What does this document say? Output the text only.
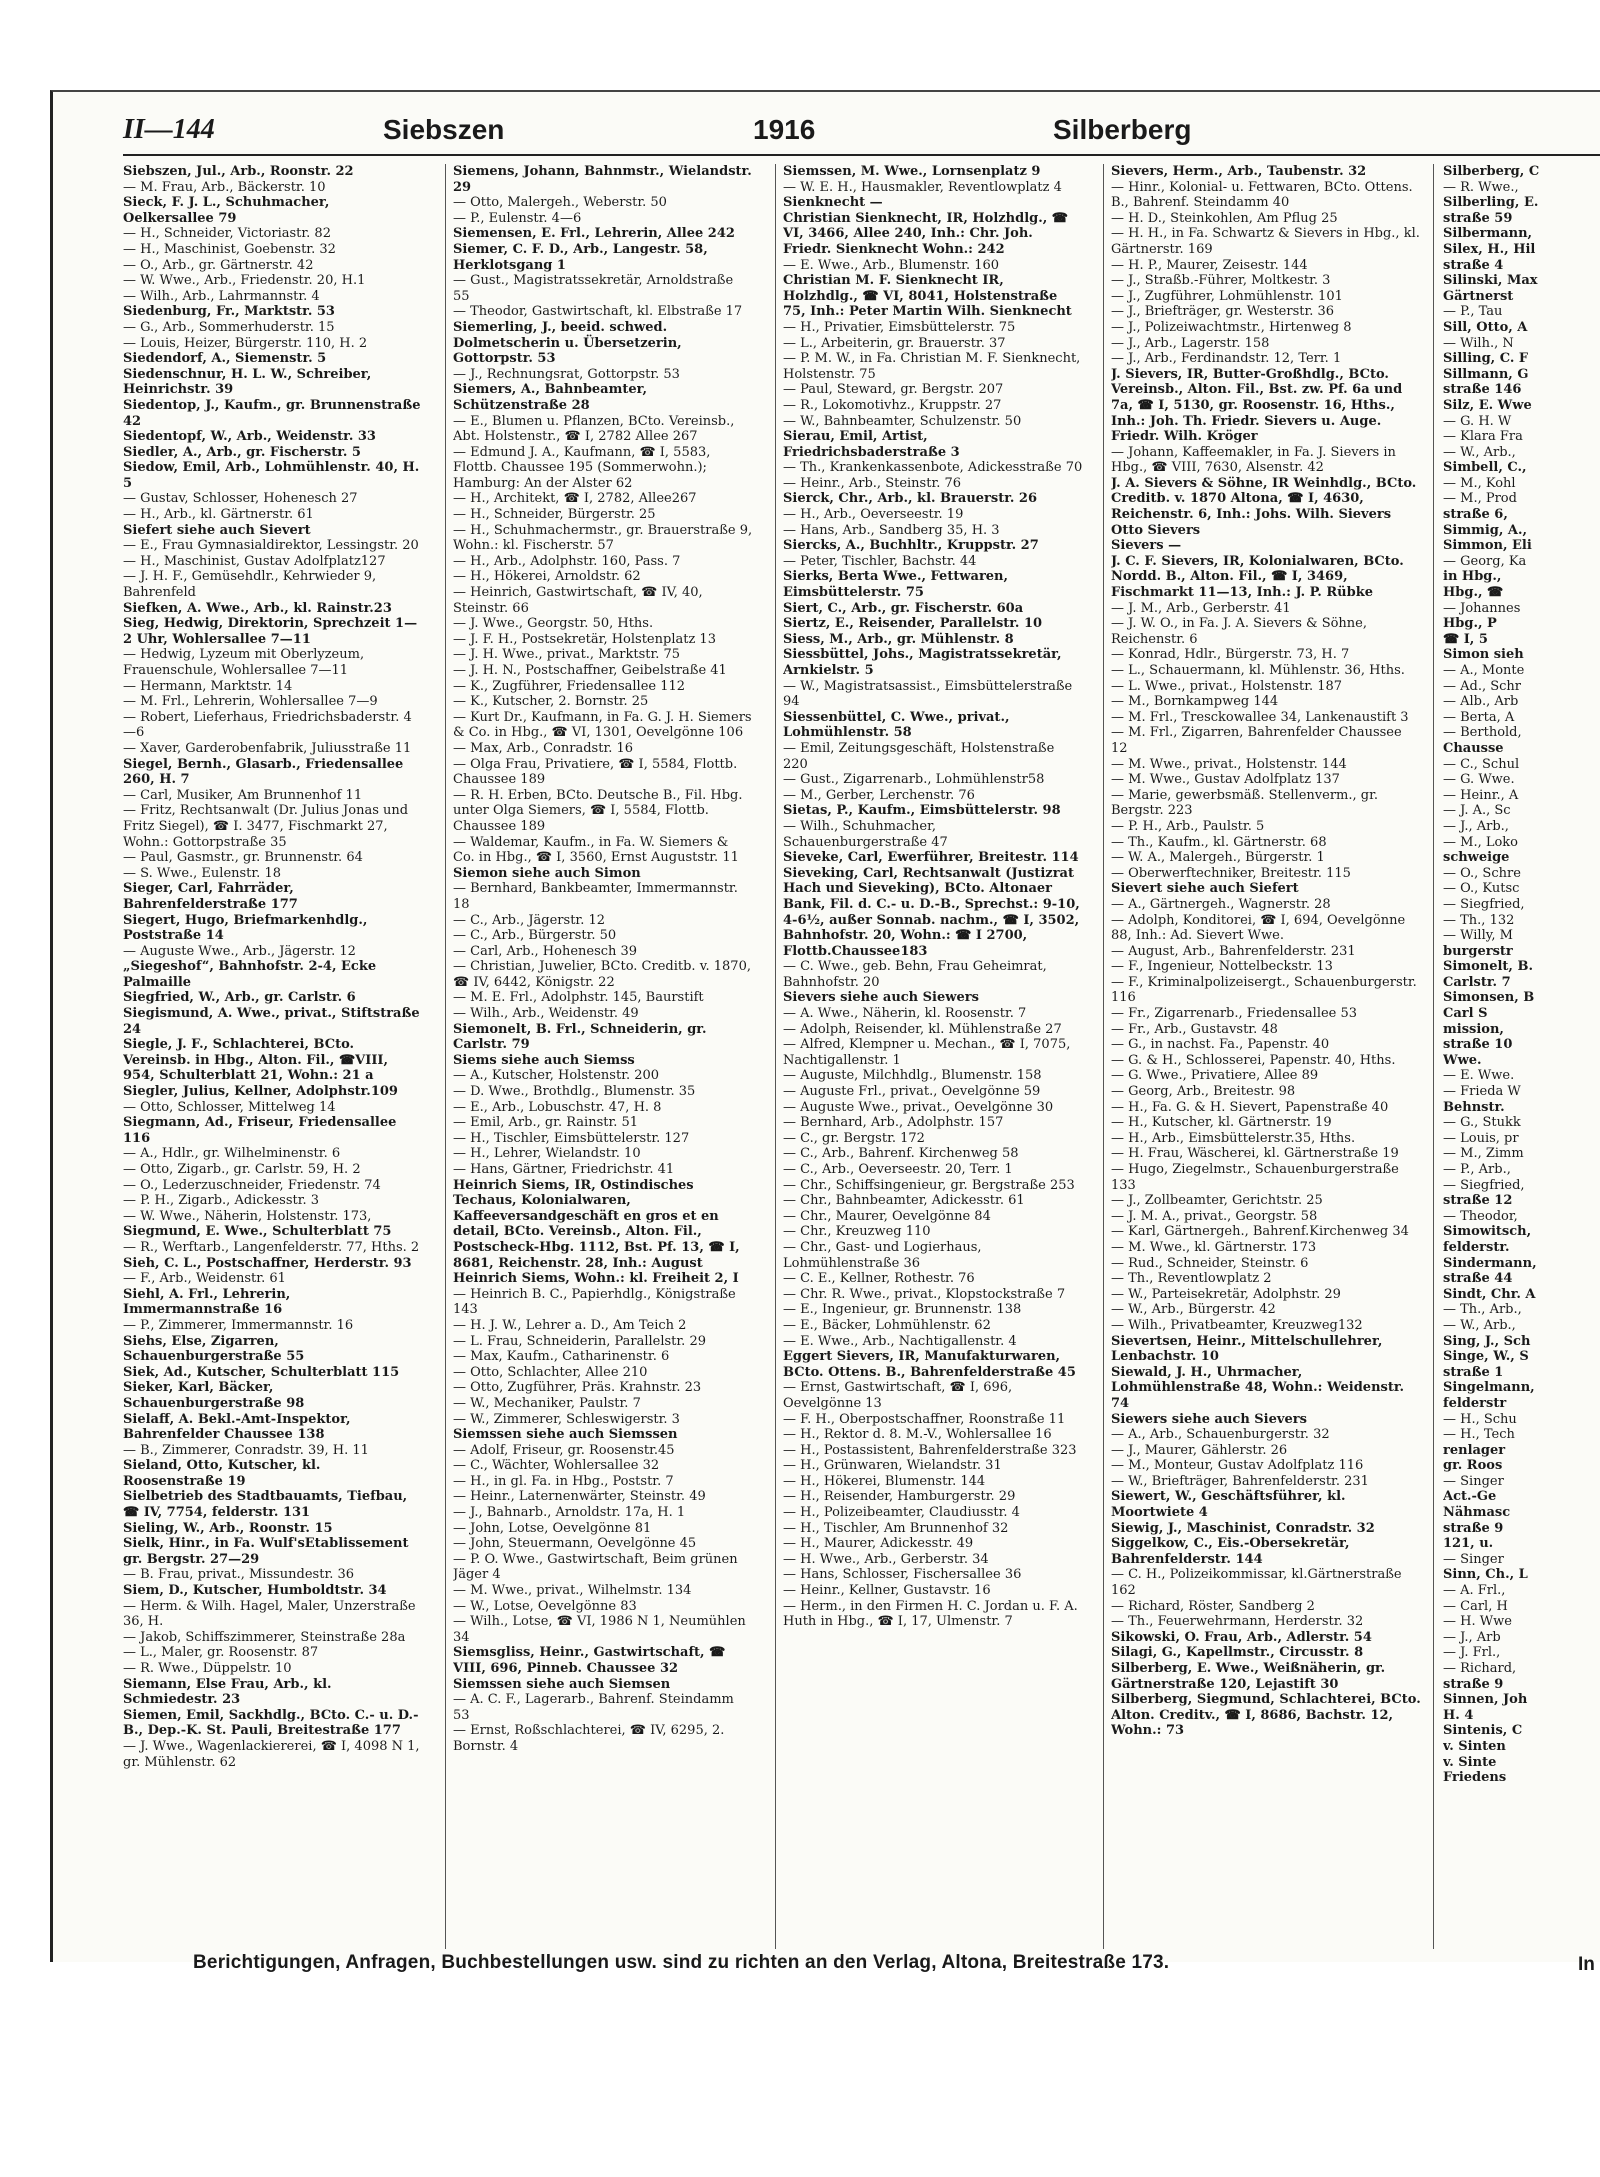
II—144	Siebszen	1916	Silberberg
Siebszen, Jul., Arb., Roonstr. 22
— M. Frau, Arb., Bäckerstr. 10
Sieck, F. J. L., Schuhmacher, Oelkersallee 79
— H., Schneider, Victoriastr. 82
— H., Maschinist, Goebenstr. 32
— O., Arb., gr. Gärtnerstr. 42
— W. Wwe., Arb., Friedenstr. 20, H.1
— Wilh., Arb., Lahrmannstr. 4
Siedenburg, Fr., Marktstr. 53
— G., Arb., Sommerhuderstr. 15
— Louis, Heizer, Bürgerstr. 110, H. 2
Siedendorf, A., Siemenstr. 5
Siedenschnur, H. L. W., Schreiber, Heinrichstr. 39
Siedentop, J., Kaufm., gr. Brunnenstraße 42
Siedentopf, W., Arb., Weidenstr. 33
Siedler, A., Arb., gr. Fischerstr. 5
Siedow, Emil, Arb., Lohmühlenstr. 40, H. 5
— Gustav, Schlosser, Hohenesch 27
— H., Arb., kl. Gärtnerstr. 61
Siefert siehe auch Sievert
— E., Frau Gymnasialdirektor, Lessingstr. 20
— H., Maschinist, Gustav Adolfplatz127
— J. H. F., Gemüsehdlr., Kehrwieder 9, Bahrenfeld
Siefken, A. Wwe., Arb., kl. Rainstr.23
Sieg, Hedwig, Direktorin, Sprechzeit 1—2 Uhr, Wohlersallee 7—11
— Hedwig, Lyzeum mit Oberlyzeum, Frauenschule, Wohlersallee 7—11
— Hermann, Marktstr. 14
— M. Frl., Lehrerin, Wohlersallee 7—9
— Robert, Lieferhaus, Friedrichsbaderstr. 4—6
— Xaver, Garderobenfabrik, Juliusstraße 11
Siegel, Bernh., Glasarb., Friedensallee 260, H. 7
— Carl, Musiker, Am Brunnenhof 11
— Fritz, Rechtsanwalt (Dr. Julius Jonas und Fritz Siegel), ☎ I. 3477, Fischmarkt 27, Wohn.: Gottorpstraße 35
— Paul, Gasmstr., gr. Brunnenstr. 64
— S. Wwe., Eulenstr. 18
Sieger, Carl, Fahrräder, Bahrenfelderstraße 177
Siegert, Hugo, Briefmarkenhdlg., Poststraße 14
— Auguste Wwe., Arb., Jägerstr. 12
„Siegeshof“, Bahnhofstr. 2-4, Ecke Palmaille
Siegfried, W., Arb., gr. Carlstr. 6
Siegismund, A. Wwe., privat., Stiftstraße 24
Siegle, J. F., Schlachterei, BCto. Vereinsb. in Hbg., Alton. Fil., ☎VIII, 954, Schulterblatt 21, Wohn.: 21 a
Siegler, Julius, Kellner, Adolphstr.109
— Otto, Schlosser, Mittelweg 14
Siegmann, Ad., Friseur, Friedensallee 116
— A., Hdlr., gr. Wilhelminenstr. 6
— Otto, Zigarb., gr. Carlstr. 59, H. 2
— O., Lederzuschneider, Friedenstr. 74
— P. H., Zigarb., Adickesstr. 3
— W. Wwe., Näherin, Holstenstr. 173,
Siegmund, E. Wwe., Schulterblatt 75
— R., Werftarb., Langenfelderstr. 77, Hths. 2
Sieh, C. L., Postschaffner, Herderstr. 93
— F., Arb., Weidenstr. 61
Siehl, A. Frl., Lehrerin, Immermannstraße 16
— P., Zimmerer, Immermannstr. 16
Siehs, Else, Zigarren, Schauenburgerstraße 55
Siek, Ad., Kutscher, Schulterblatt 115
Sieker, Karl, Bäcker, Schauenburgerstraße 98
Sielaff, A. Bekl.-Amt-Inspektor, Bahrenfelder Chaussee 138
— B., Zimmerer, Conradstr. 39, H. 11
Sieland, Otto, Kutscher, kl. Roosenstraße 19
Sielbetrieb des Stadtbauamts, Tiefbau, ☎ IV, 7754, felderstr. 131
Sieling, W., Arb., Roonstr. 15
Sielk, Hinr., in Fa. Wulf'sEtablissement gr. Bergstr. 27—29
— B. Frau, privat., Missundestr. 36
Siem, D., Kutscher, Humboldtstr. 34
— Herm. & Wilh. Hagel, Maler, Unzerstraße 36, H.
— Jakob, Schiffszimmerer, Steinstraße 28a
— L., Maler, gr. Roosenstr. 87
— R. Wwe., Düppelstr. 10
Siemann, Else Frau, Arb., kl. Schmiedestr. 23
Siemen, Emil, Sackhdlg., BCto. C.- u. D.-B., Dep.-K. St. Pauli, Breitestraße 177
— J. Wwe., Wagenlackiererei, ☎ I, 4098 N 1, gr. Mühlenstr. 62
Siemens, Johann, Bahnmstr., Wielandstr. 29
— Otto, Malergeh., Weberstr. 50
— P., Eulenstr. 4—6
Siemensen, E. Frl., Lehrerin, Allee 242
Siemer, C. F. D., Arb., Langestr. 58, Herklotsgang 1
— Gust., Magistratssekretär, Arnoldstraße 55
— Theodor, Gastwirtschaft, kl. Elbstraße 17
Siemerling, J., beeid. schwed. Dolmetscherin u. Übersetzerin, Gottorpstr. 53
— J., Rechnungsrat, Gottorpstr. 53
Siemers, A., Bahnbeamter, Schützenstraße 28
— E., Blumen u. Pflanzen, BCto. Vereinsb., Abt. Holstenstr., ☎ I, 2782 Allee 267
— Edmund J. A., Kaufmann, ☎ I, 5583, Flottb. Chaussee 195 (Sommerwohn.); Hamburg: An der Alster 62
— H., Architekt, ☎ I, 2782, Allee267
— H., Schneider, Bürgerstr. 25
— H., Schuhmachermstr., gr. Brauerstraße 9, Wohn.: kl. Fischerstr. 57
— H., Arb., Adolphstr. 160, Pass. 7
— H., Hökerei, Arnoldstr. 62
— Heinrich, Gastwirtschaft, ☎ IV, 40, Steinstr. 66
— J. Wwe., Georgstr. 50, Hths.
— J. F. H., Postsekretär, Holstenplatz 13
— J. H. Wwe., privat., Marktstr. 75
— J. H. N., Postschaffner, Geibelstraße 41
— K., Zugführer, Friedensallee 112
— K., Kutscher, 2. Bornstr. 25
— Kurt Dr., Kaufmann, in Fa. G. J. H. Siemers & Co. in Hbg., ☎ VI, 1301, Oevelgönne 106
— Max, Arb., Conradstr. 16
— Olga Frau, Privatiere, ☎ I, 5584, Flottb. Chaussee 189
— R. H. Erben, BCto. Deutsche B., Fil. Hbg. unter Olga Siemers, ☎ I, 5584, Flottb. Chaussee 189
— Waldemar, Kaufm., in Fa. W. Siemers & Co. in Hbg., ☎ I, 3560, Ernst Auguststr. 11
Siemon siehe auch Simon
— Bernhard, Bankbeamter, Immermannstr. 18
— C., Arb., Jägerstr. 12
— C., Arb., Bürgerstr. 50
— Carl, Arb., Hohenesch 39
— Christian, Juwelier, BCto. Creditb. v. 1870, ☎ IV, 6442, Königstr. 22
— M. E. Frl., Adolphstr. 145, Baurstift
— Wilh., Arb., Weidenstr. 49
Siemonelt, B. Frl., Schneiderin, gr. Carlstr. 79
Siems siehe auch Siemss
— A., Kutscher, Holstenstr. 200
— D. Wwe., Brothdlg., Blumenstr. 35
— E., Arb., Lobuschstr. 47, H. 8
— Emil, Arb., gr. Rainstr. 51
— H., Tischler, Eimsbüttelerstr. 127
— H., Lehrer, Wielandstr. 10
— Hans, Gärtner, Friedrichstr. 41
Heinrich Siems, IR, Ostindisches Techaus, Kolonialwaren, Kaffeeversandgeschäft en gros et en detail, BCto. Vereinsb., Alton. Fil., Postscheck-Hbg. 1112, Bst. Pf. 13, ☎ I, 8681, Reichenstr. 28, Inh.: August Heinrich Siems, Wohn.: kl. Freiheit 2, I
— Heinrich B. C., Papierhdlg., Königstraße 143
— H. J. W., Lehrer a. D., Am Teich 2
— L. Frau, Schneiderin, Parallelstr. 29
— Max, Kaufm., Catharinenstr. 6
— Otto, Schlachter, Allee 210
— Otto, Zugführer, Präs. Krahnstr. 23
— W., Mechaniker, Paulstr. 7
— W., Zimmerer, Schleswigerstr. 3
Siemssen siehe auch Siemssen
— Adolf, Friseur, gr. Roosenstr.45
— C., Wächter, Wohlersallee 32
— H., in gl. Fa. in Hbg., Poststr. 7
— Heinr., Laternenwärter, Steinstr. 49
— J., Bahnarb., Arnoldstr. 17a, H. 1
— John, Lotse, Oevelgönne 81
— John, Steuermann, Oevelgönne 45
— P. O. Wwe., Gastwirtschaft, Beim grünen Jäger 4
— M. Wwe., privat., Wilhelmstr. 134
— W., Lotse, Oevelgönne 83
— Wilh., Lotse, ☎ VI, 1986 N 1, Neumühlen 34
Siemsgliss, Heinr., Gastwirtschaft, ☎ VIII, 696, Pinneb. Chaussee 32
Siemssen siehe auch Siemsen
— A. C. F., Lagerarb., Bahrenf. Steindamm 53
— Ernst, Roßschlachterei, ☎ IV, 6295, 2. Bornstr. 4
Siemssen, M. Wwe., Lornsenplatz 9
— W. E. H., Hausmakler, Reventlowplatz 4
Sienknecht —
Christian Sienknecht, IR, Holzhdlg., ☎ VI, 3466, Allee 240, Inh.: Chr. Joh. Friedr. Sienknecht Wohn.: 242
— E. Wwe., Arb., Blumenstr. 160
Christian M. F. Sienknecht IR, Holzhdlg., ☎ VI, 8041, Holstenstraße 75, Inh.: Peter Martin Wilh. Sienknecht
— H., Privatier, Eimsbüttelerstr. 75
— L., Arbeiterin, gr. Brauerstr. 37
— P. M. W., in Fa. Christian M. F. Sienknecht, Holstenstr. 75
— Paul, Steward, gr. Bergstr. 207
— R., Lokomotivhz., Kruppstr. 27
— W., Bahnbeamter, Schulzenstr. 50
Sierau, Emil, Artist, Friedrichsbaderstraße 3
— Th., Krankenkassenbote, Adickesstraße 70
— Heinr., Arb., Steinstr. 76
Sierck, Chr., Arb., kl. Brauerstr. 26
— H., Arb., Oeverseestr. 19
— Hans, Arb., Sandberg 35, H. 3
Siercks, A., Buchhltr., Kruppstr. 27
— Peter, Tischler, Bachstr. 44
Sierks, Berta Wwe., Fettwaren, Eimsbüttelerstr. 75
Siert, C., Arb., gr. Fischerstr. 60a
Siertz, E., Reisender, Parallelstr. 10
Siess, M., Arb., gr. Mühlenstr. 8
Siessbüttel, Johs., Magistratssekretär, Arnkielstr. 5
— W., Magistratsassist., Eimsbüttelerstraße 94
Siessenbüttel, C. Wwe., privat., Lohmühlenstr. 58
— Emil, Zeitungsgeschäft, Holstenstraße 220
— Gust., Zigarrenarb., Lohmühlenstr58
— M., Gerber, Lerchenstr. 76
Sietas, P., Kaufm., Eimsbüttelerstr. 98
— Wilh., Schuhmacher, Schauenburgerstraße 47
Sieveke, Carl, Ewerführer, Breitestr. 114
Sieveking, Carl, Rechtsanwalt (Justizrat Hach und Sieveking), BCto. Altonaer Bank, Fil. d. C.- u. D.-B., Sprechst.: 9-10, 4-6½, außer Sonnab. nachm., ☎ I, 3502, Bahnhofstr. 20, Wohn.: ☎ I 2700, Flottb.Chaussee183
— C. Wwe., geb. Behn, Frau Geheimrat, Bahnhofstr. 20
Sievers siehe auch Siewers
— A. Wwe., Näherin, kl. Roosenstr. 7
— Adolph, Reisender, kl. Mühlenstraße 27
— Alfred, Klempner u. Mechan., ☎ I, 7075, Nachtigallenstr. 1
— Auguste, Milchhdlg., Blumenstr. 158
— Auguste Frl., privat., Oevelgönne 59
— Auguste Wwe., privat., Oevelgönne 30
— Bernhard, Arb., Adolphstr. 157
— C., gr. Bergstr. 172
— C., Arb., Bahrenf. Kirchenweg 58
— C., Arb., Oeverseestr. 20, Terr. 1
— Chr., Schiffsingenieur, gr. Bergstraße 253
— Chr., Bahnbeamter, Adickesstr. 61
— Chr., Maurer, Oevelgönne 84
— Chr., Kreuzweg 110
— Chr., Gast- und Logierhaus, Lohmühlenstraße 36
— C. E., Kellner, Rothestr. 76
— Chr. R. Wwe., privat., Klopstockstraße 7
— E., Ingenieur, gr. Brunnenstr. 138
— E., Bäcker, Lohmühlenstr. 62
— E. Wwe., Arb., Nachtigallenstr. 4
Eggert Sievers, IR, Manufakturwaren, BCto. Ottens. B., Bahrenfelderstraße 45
— Ernst, Gastwirtschaft, ☎ I, 696, Oevelgönne 13
— F. H., Oberpostschaffner, Roonstraße 11
— H., Rektor d. 8. M.-V., Wohlersallee 16
— H., Postassistent, Bahrenfelderstraße 323
— H., Grünwaren, Wielandstr. 31
— H., Hökerei, Blumenstr. 144
— H., Reisender, Hamburgerstr. 29
— H., Polizeibeamter, Claudiusstr. 4
— H., Tischler, Am Brunnenhof 32
— H., Maurer, Adickesstr. 49
— H. Wwe., Arb., Gerberstr. 34
— Hans, Schlosser, Fischersallee 36
— Heinr., Kellner, Gustavstr. 16
— Herm., in den Firmen H. C. Jordan u. F. A. Huth in Hbg., ☎ I, 17, Ulmenstr. 7
Sievers, Herm., Arb., Taubenstr. 32
— Hinr., Kolonial- u. Fettwaren, BCto. Ottens. B., Bahrenf. Steindamm 40
— H. D., Steinkohlen, Am Pflug 25
— H. H., in Fa. Schwartz & Sievers in Hbg., kl. Gärtnerstr. 169
— H. P., Maurer, Zeisestr. 144
— J., Straßb.-Führer, Moltkestr. 3
— J., Zugführer, Lohmühlenstr. 101
— J., Briefträger, gr. Westerstr. 36
— J., Polizeiwachtmstr., Hirtenweg 8
— J., Arb., Lagerstr. 158
— J., Arb., Ferdinandstr. 12, Terr. 1
J. Sievers, IR, Butter-Großhdlg., BCto. Vereinsb., Alton. Fil., Bst. zw. Pf. 6a und 7a, ☎ I, 5130, gr. Roosenstr. 16, Hths., Inh.: Joh. Th. Friedr. Sievers u. Auge. Friedr. Wilh. Kröger
— Johann, Kaffeemakler, in Fa. J. Sievers in Hbg., ☎ VIII, 7630, Alsenstr. 42
J. A. Sievers & Söhne, IR Weinhdlg., BCto. Creditb. v. 1870 Altona, ☎ I, 4630, Reichenstr. 6, Inh.: Johs. Wilh. Sievers Otto Sievers
Sievers —
J. C. F. Sievers, IR, Kolonialwaren, BCto. Nordd. B., Alton. Fil., ☎ I, 3469, Fischmarkt 11—13, Inh.: J. P. Rübke
— J. M., Arb., Gerberstr. 41
— J. W. O., in Fa. J. A. Sievers & Söhne, Reichenstr. 6
— Konrad, Hdlr., Bürgerstr. 73, H. 7
— L., Schauermann, kl. Mühlenstr. 36, Hths.
— L. Wwe., privat., Holstenstr. 187
— M., Bornkampweg 144
— M. Frl., Tresckowallee 34, Lankenaustift 3
— M. Frl., Zigarren, Bahrenfelder Chaussee 12
— M. Wwe., privat., Holstenstr. 144
— M. Wwe., Gustav Adolfplatz 137
— Marie, gewerbsmäß. Stellenverm., gr. Bergstr. 223
— P. H., Arb., Paulstr. 5
— Th., Kaufm., kl. Gärtnerstr. 68
— W. A., Malergeh., Bürgerstr. 1
— Oberwerftechniker, Breitestr. 115
Sievert siehe auch Siefert
— A., Gärtnergeh., Wagnerstr. 28
— Adolph, Konditorei, ☎ I, 694, Oevelgönne 88, Inh.: Ad. Sievert Wwe.
— August, Arb., Bahrenfelderstr. 231
— F., Ingenieur, Nottelbeckstr. 13
— F., Kriminalpolizeisergt., Schauenburgerstr. 116
— Fr., Zigarrenarb., Friedensallee 53
— Fr., Arb., Gustavstr. 48
— G., in nachst. Fa., Papenstr. 40
— G. & H., Schlosserei, Papenstr. 40, Hths.
— G. Wwe., Privatiere, Allee 89
— Georg, Arb., Breitestr. 98
— H., Fa. G. & H. Sievert, Papenstraße 40
— H., Kutscher, kl. Gärtnerstr. 19
— H., Arb., Eimsbüttelerstr.35, Hths.
— H. Frau, Wäscherei, kl. Gärtnerstraße 19
— Hugo, Ziegelmstr., Schauenburgerstraße 133
— J., Zollbeamter, Gerichtstr. 25
— J. M. A., privat., Georgstr. 58
— Karl, Gärtnergeh., Bahrenf.Kirchenweg 34
— M. Wwe., kl. Gärtnerstr. 173
— Rud., Schneider, Steinstr. 6
— Th., Reventlowplatz 2
— W., Parteisekretär, Adolphstr. 29
— W., Arb., Bürgerstr. 42
— Wilh., Privatbeamter, Kreuzweg132
Sievertsen, Heinr., Mittelschullehrer, Lenbachstr. 10
Siewald, J. H., Uhrmacher, Lohmühlenstraße 48, Wohn.: Weidenstr. 74
Siewers siehe auch Sievers
— A., Arb., Schauenburgerstr. 32
— J., Maurer, Gählerstr. 26
— M., Monteur, Gustav Adolfplatz 116
— W., Briefträger, Bahrenfelderstr. 231
Siewert, W., Geschäftsführer, kl. Moortwiete 4
Siewig, J., Maschinist, Conradstr. 32
Siggelkow, C., Eis.-Obersekretär, Bahrenfelderstr. 144
— C. H., Polizeikommissar, kl.Gärtnerstraße 162
— Richard, Röster, Sandberg 2
— Th., Feuerwehrmann, Herderstr. 32
Sikowski, O. Frau, Arb., Adlerstr. 54
Silagi, G., Kapellmstr., Circusstr. 8
Silberberg, E. Wwe., Weißnäherin, gr. Gärtnerstraße 120, Lejastift 30
Silberberg, Siegmund, Schlachterei, BCto. Alton. Creditv., ☎ I, 8686, Bachstr. 12, Wohn.: 73
Silberberg, C
— R. Wwe.,
Silberling, E.
straße 59
Silbermann,
Silex, H., Hil
straße 4
Silinski, Max
Gärtnerst
— P., Tau
Sill, Otto, A
— Wilh., N
Silling, C. F
Sillmann, G
straße 146
Silz, E. Wwe
— G. H. W
— Klara Fra
— W., Arb.,
Simbell, C.,
— M., Kohl
— M., Prod
straße 6,
Simmig, A.,
Simmon, Eli
— Georg, Ka
in Hbg.,
Hbg., ☎
— Johannes
Hbg., P
☎ I, 5
Simon sieh
— A., Monte
— Ad., Schr
— Alb., Arb
— Berta, A
— Berthold,
Chausse
— C., Schul
— G. Wwe.
— Heinr., A
— J. A., Sc
— J., Arb.,
— M., Loko
schweige
— O., Schre
— O., Kutsc
— Siegfried,
— Th., 132
— Willy, M
burgerstr
Simonelt, B.
Carlstr. 7
Simonsen, B
Carl S
mission,
straße 10
Wwe.
— E. Wwe.
— Frieda W
Behnstr.
— G., Stukk
— Louis, pr
— M., Zimm
— P., Arb.,
— Siegfried,
straße 12
— Theodor,
Simowitsch,
felderstr.
Sindermann,
straße 44
Sindt, Chr. A
— Th., Arb.,
— W., Arb.,
Sing, J., Sch
Singe, W., S
straße 1
Singelmann,
felderstr
— H., Schu
— H., Tech
renlager
gr. Roos
— Singer
Act.-Ge
Nähmasc
straße 9
121, u.
— Singer
Sinn, Ch., L
— A. Frl.,
— Carl, H
— H. Wwe
— J., Arb
— J. Frl.,
— Richard,
straße 9
Sinnen, Joh
H. 4
Sintenis, C
v. Sinten
v. Sinte
Friedens
Berichtigungen, Anfragen, Buchbestellungen usw. sind zu richten an den Verlag, Altona, Breitestraße 173.	In
